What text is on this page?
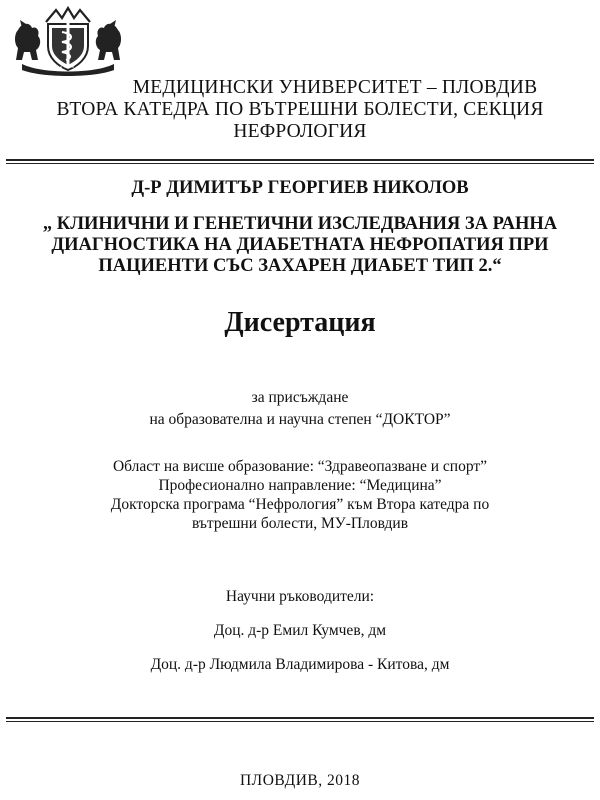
МЕДИЦИНСКИ УНИВЕРСИТЕТ – ПЛОВДИВ
ВТОРА КАТЕДРА ПО ВЪТРЕШНИ БОЛЕСТИ, СЕКЦИЯ
НЕФРОЛОГИЯ
Д-Р ДИМИТЪР ГЕОРГИЕВ НИКОЛОВ
„ КЛИНИЧНИ И ГЕНЕТИЧНИ ИЗСЛЕДВАНИЯ ЗА РАННА
ДИАГНОСТИКА НА ДИАБЕТНАТА НЕФРОПАТИЯ ПРИ
ПАЦИЕНТИ СЪС ЗАХАРЕН ДИАБЕТ ТИП 2.“
Дисертация
за присъждане
на образователна и научна степен “ДОКТОР”
Област на висше образование: “Здравеопазване и спорт”
Професионално направление: “Медицина”
Докторска програма “Нефрология” към Втора катедра по
вътрешни болести, МУ-Пловдив
Научни ръководители:
Доц. д-р Емил Кумчев, дм
Доц. д-р Людмила Владимирова - Китова, дм
ПЛОВДИВ, 2018
